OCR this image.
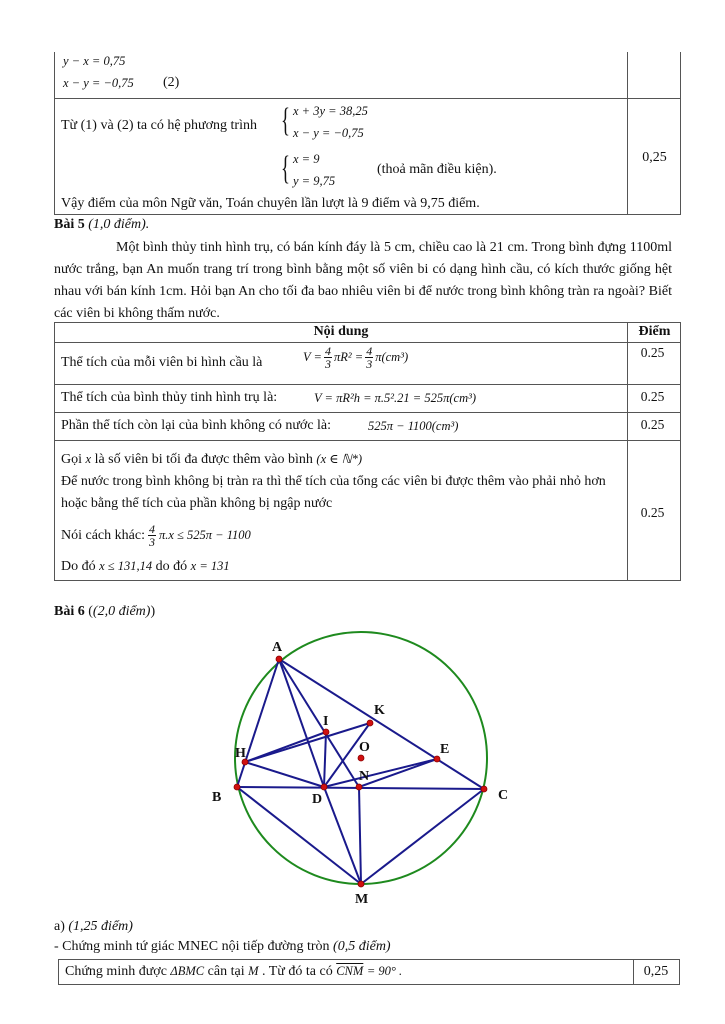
y − x = 0,75
x − y = −0,75 (2)
Từ (1) và (2) ta có hệ phương trình { x + 3y = 38,25
x − y = −0,75
{ x = 9
y = 9,75
(thoả mãn điều kiện).
Vậy điểm của môn Ngữ văn, Toán chuyên lần lượt là 9 điểm và 9,75 điểm.
0,25
Bài 5 (1,0 điểm).
Một bình thủy tinh hình trụ, có bán kính đáy là 5 cm, chiều cao là 21 cm. Trong bình đựng 1100ml nước trắng, bạn An muốn trang trí trong bình bằng một số viên bi có dạng hình cầu, có kích thước giống hệt nhau với bán kính 1cm. Hỏi bạn An cho tối đa bao nhiêu viên bi để nước trong bình không tràn ra ngoài? Biết các viên bi không thấm nước.
Nội dung	Điểm
Thể tích của mỗi viên bi hình cầu là	$V = \frac{4}{3} \pi R^2 = \frac{4}{3} \pi(cm^3)$	0.25
Thể tích của bình thủy tinh hình trụ là:	V = πR²h = π.5².21 = 525π(cm³)	0.25
Phần thể tích còn lại của bình không có nước là:	525π − 1100(cm³)	0.25
Gọi x là số viên bi tối đa được thêm vào bình (x ∈ ℕ*)
Để nước trong bình không bị tràn ra thì thể tích của tổng các viên bi được thêm vào phải nhỏ hơn hoặc bằng thể tích của phần không bị ngập nước
Nói cách khác: $\frac{4}{3} \pi.x \le 525\pi - 1100$
Do đó x ≤ 131,14 do đó x = 131
0.25
Bài 6 ((2,0 điểm))
A
I
K
O
H	E
N
B	D	C
M
a) (1,25 điểm)
- Chứng minh tứ giác MNEC nội tiếp đường tròn (0,5 điểm)
Chứng minh được ΔBMC cân tại M . Từ đó ta có $\overline{CNM} = 90^\circ$ .	0,25
